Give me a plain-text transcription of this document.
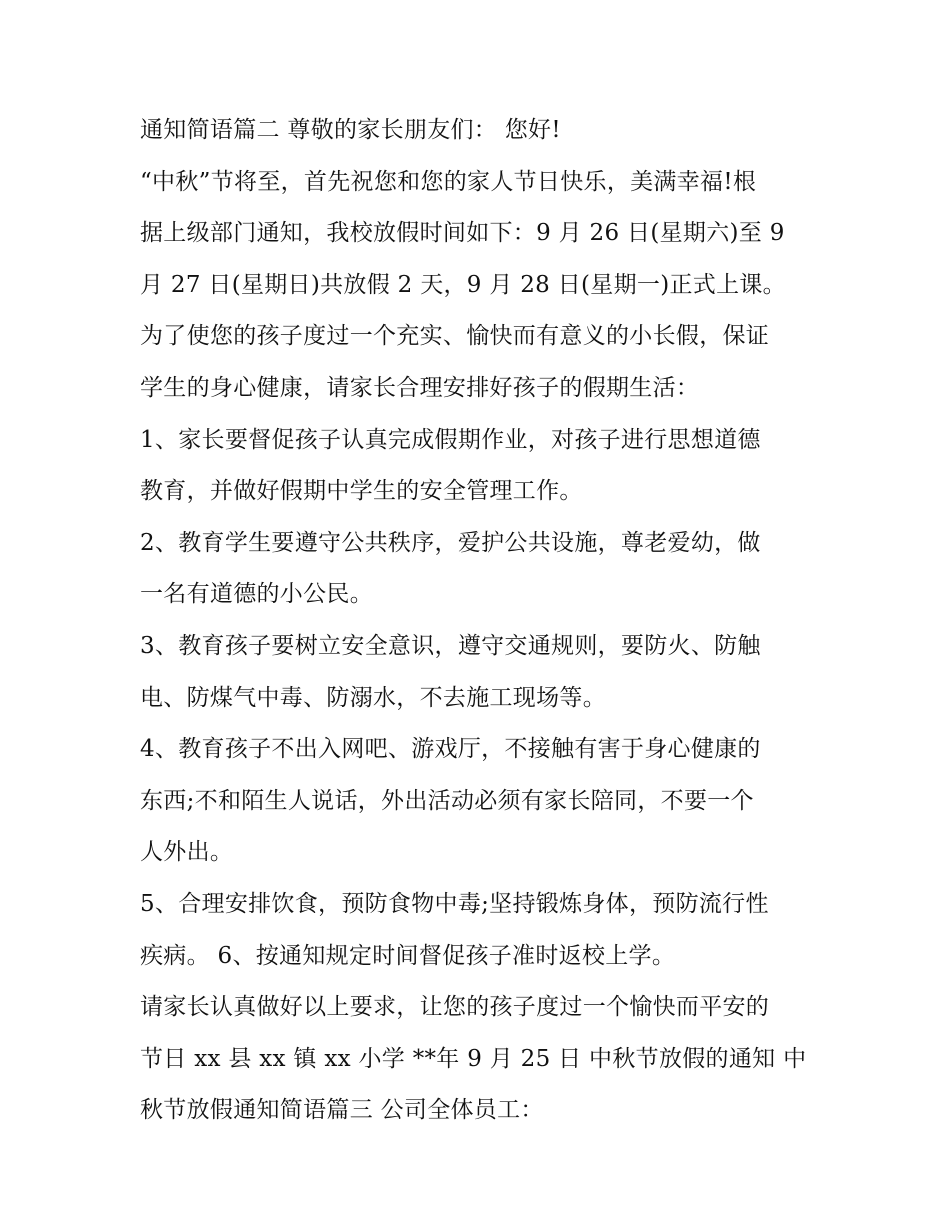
通知简语篇二 尊敬的家长朋友们： 您好!
“中秋”节将至，首先祝您和您的家人节日快乐，美满幸福!根
据上级部门通知，我校放假时间如下：9 月 26 日(星期六)至 9
月 27 日(星期日)共放假 2 天，9 月 28 日(星期一)正式上课。
为了使您的孩子度过一个充实、愉快而有意义的小长假，保证
学生的身心健康，请家长合理安排好孩子的假期生活：
1、家长要督促孩子认真完成假期作业，对孩子进行思想道德
教育，并做好假期中学生的安全管理工作。
2、教育学生要遵守公共秩序，爱护公共设施，尊老爱幼，做
一名有道德的小公民。
3、教育孩子要树立安全意识，遵守交通规则，要防火、防触
电、防煤气中毒、防溺水，不去施工现场等。
4、教育孩子不出入网吧、游戏厅，不接触有害于身心健康的
东西;不和陌生人说话，外出活动必须有家长陪同，不要一个
人外出。
5、合理安排饮食，预防食物中毒;坚持锻炼身体，预防流行性
疾病。 6、按通知规定时间督促孩子准时返校上学。
请家长认真做好以上要求，让您的孩子度过一个愉快而平安的
节日 xx 县 xx 镇 xx 小学 **年 9 月 25 日 中秋节放假的通知 中
秋节放假通知简语篇三 公司全体员工：
